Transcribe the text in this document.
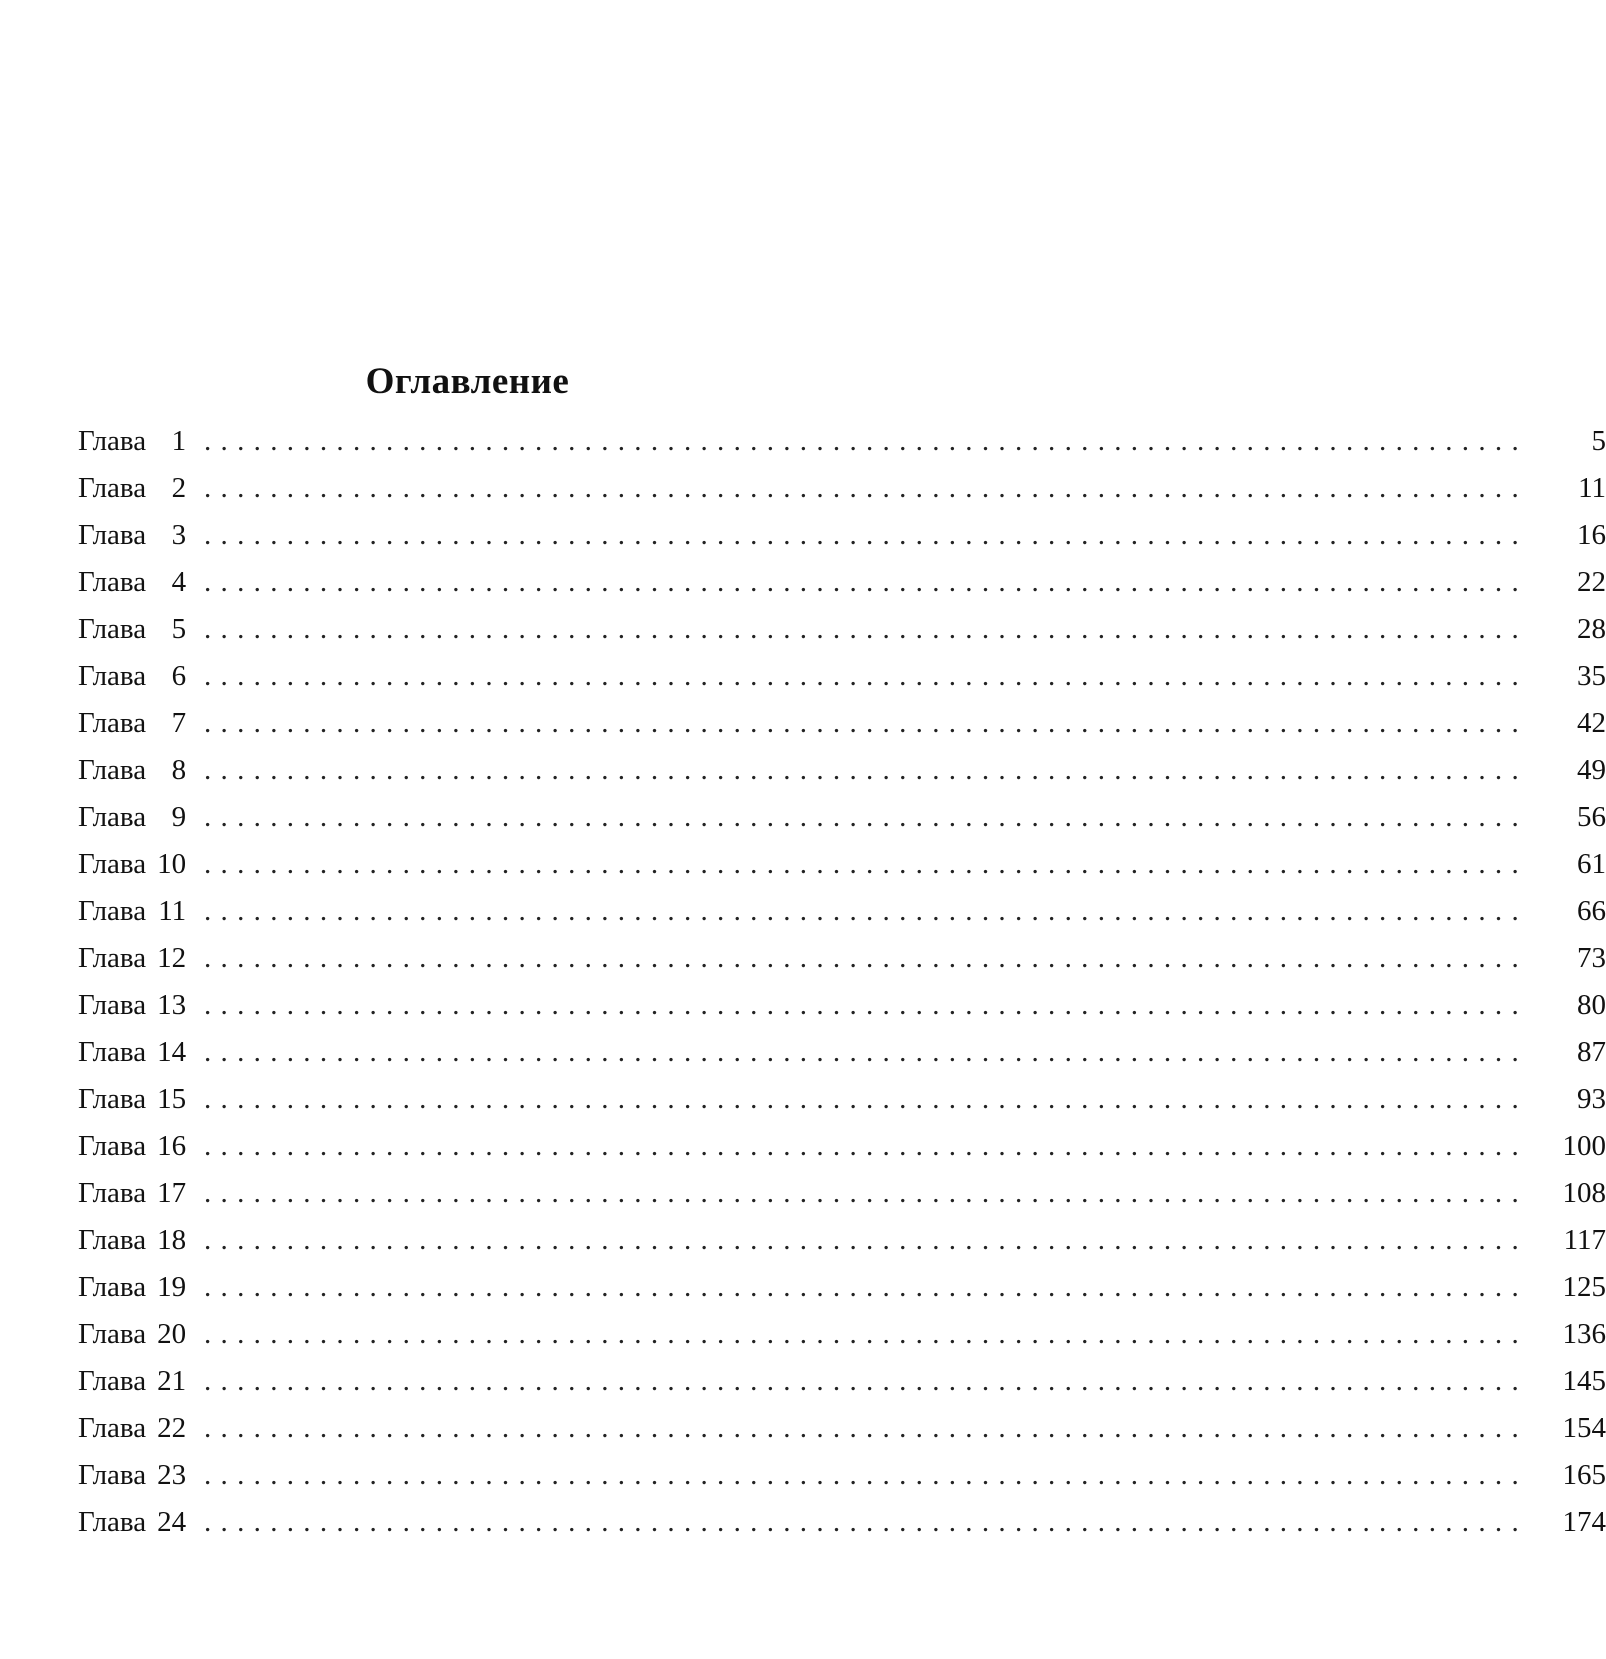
Оглавление
Глава 1 ................................................................................	5
Глава 2 ................................................................................	11
Глава 3 ................................................................................	16
Глава 4 ................................................................................	22
Глава 5 ................................................................................	28
Глава 6 ................................................................................	35
Глава 7 ................................................................................	42
Глава 8 ................................................................................	49
Глава 9 ................................................................................	56
Глава 10 ................................................................................	61
Глава 11 ................................................................................	66
Глава 12 ................................................................................	73
Глава 13 ................................................................................	80
Глава 14 ................................................................................	87
Глава 15 ................................................................................	93
Глава 16 ................................................................................	100
Глава 17 ................................................................................	108
Глава 18 ................................................................................	117
Глава 19 ................................................................................	125
Глава 20 ................................................................................	136
Глава 21 ................................................................................	145
Глава 22 ................................................................................	154
Глава 23 ................................................................................	165
Глава 24 ................................................................................	174
